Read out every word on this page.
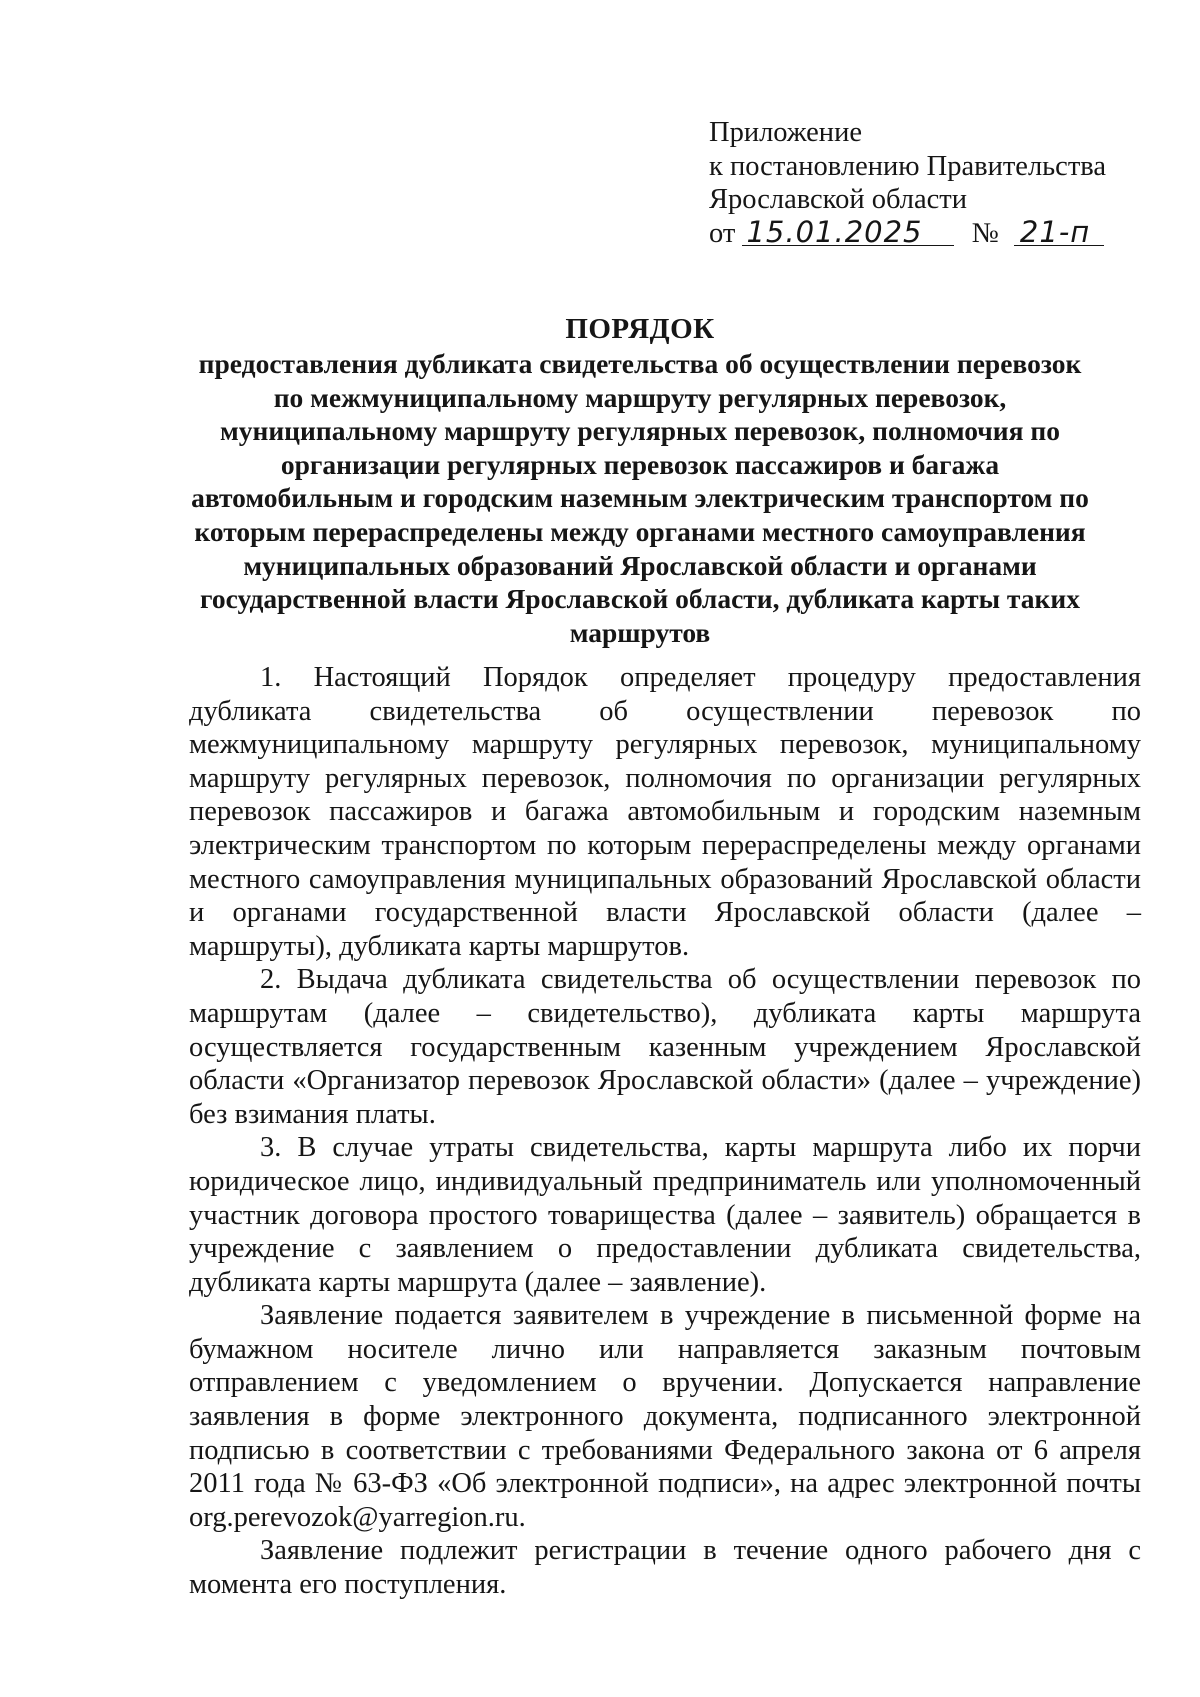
Приложение
к постановлению Правительства
Ярославской области
от 15.01.2025 № 21-п
ПОРЯДОК
предоставления дубликата свидетельства об осуществлении перевозок по межмуниципальному маршруту регулярных перевозок, муниципальному маршруту регулярных перевозок, полномочия по организации регулярных перевозок пассажиров и багажа автомобильным и городским наземным электрическим транспортом по которым перераспределены между органами местного самоуправления муниципальных образований Ярославской области и органами государственной власти Ярославской области, дубликата карты таких маршрутов

1. Настоящий Порядок определяет процедуру предоставления дубликата свидетельства об осуществлении перевозок по межмуниципальному маршруту регулярных перевозок, муниципальному маршруту регулярных перевозок, полномочия по организации регулярных перевозок пассажиров и багажа автомобильным и городским наземным электрическим транспортом по которым перераспределены между органами местного самоуправления муниципальных образований Ярославской области и органами государственной власти Ярославской области (далее – маршруты), дубликата карты маршрутов.

2. Выдача дубликата свидетельства об осуществлении перевозок по маршрутам (далее – свидетельство), дубликата карты маршрута осуществляется государственным казенным учреждением Ярославской области «Организатор перевозок Ярославской области» (далее – учреждение) без взимания платы.

3. В случае утраты свидетельства, карты маршрута либо их порчи юридическое лицо, индивидуальный предприниматель или уполномоченный участник договора простого товарищества (далее – заявитель) обращается в учреждение с заявлением о предоставлении дубликата свидетельства, дубликата карты маршрута (далее – заявление).

Заявление подается заявителем в учреждение в письменной форме на бумажном носителе лично или направляется заказным почтовым отправлением с уведомлением о вручении. Допускается направление заявления в форме электронного документа, подписанного электронной подписью в соответствии с требованиями Федерального закона от 6 апреля 2011 года № 63-ФЗ «Об электронной подписи», на адрес электронной почты org.perevozok@yarregion.ru.

Заявление подлежит регистрации в течение одного рабочего дня с момента его поступления.
